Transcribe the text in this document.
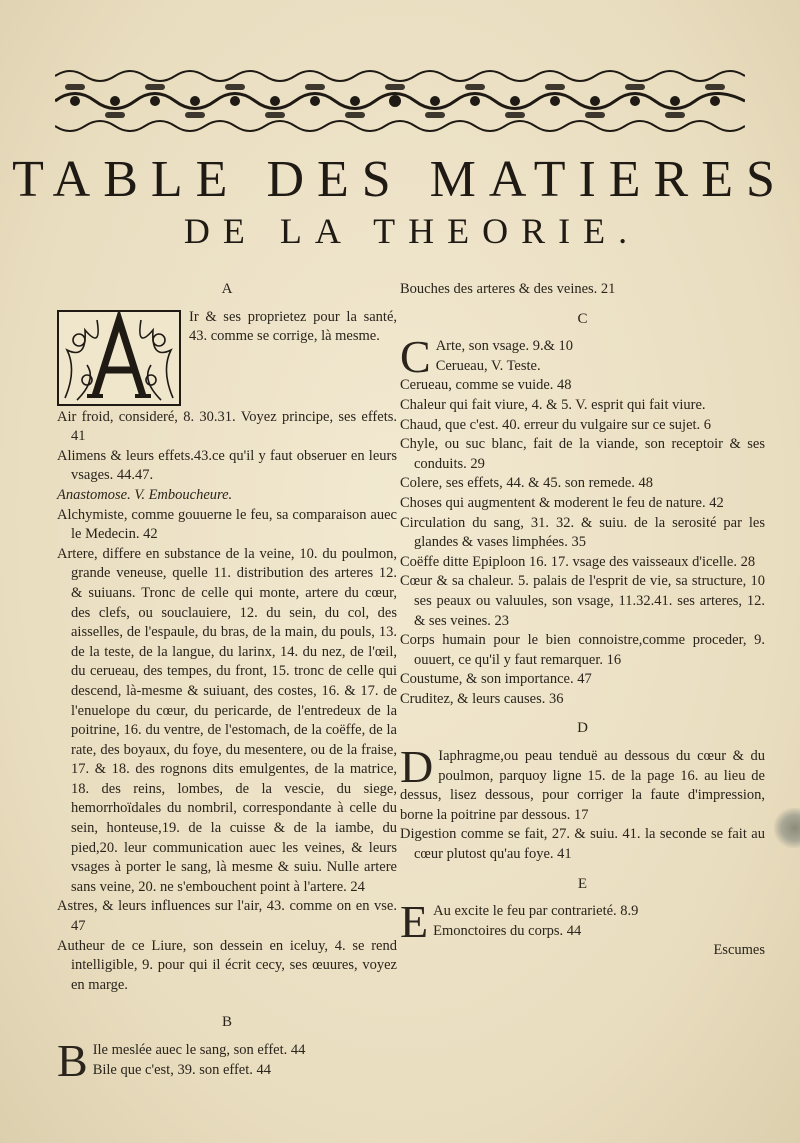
TABLE DES MATIERES
DE LA THEORIE.
A

Ir & ses proprietez pour la santé, 43. comme se corrige, là mesme.

Air froid, consideré, 8. 30.31. Voyez principe, ses effets. 41

Alimens & leurs effets.43.ce qu'il y faut obseruer en leurs vsages. 44.47.

Anastomose. V. Emboucheure.

Alchymiste, comme gouuerne le feu, sa comparaison auec le Medecin. 42

Artere, differe en substance de la veine, 10. du poulmon, grande veneuse, quelle 11. distribution des arteres 12. & suiuans. Tronc de celle qui monte, artere du cœur, des clefs, ou souclauiere, 12. du sein, du col, des aisselles, de l'espaule, du bras, de la main, du pouls, 13. de la teste, de la langue, du larinx, 14. du nez, de l'œil, du cerueau, des tempes, du front, 15. tronc de celle qui descend, là-mesme & suiuant, des costes, 16. & 17. de l'enuelope du cœur, du pericarde, de l'entredeux de la poitrine, 16. du ventre, de l'estomach, de la coëffe, de la rate, des boyaux, du foye, du mesentere, ou de la fraise, 17. & 18. des rognons dits emulgentes, de la matrice, 18. des reins, lombes, de la vescie, du siege, hemorrhoïdales du nombril, correspondante à celle du sein, honteuse,19. de la cuisse & de la iambe, du pied,20. leur communication auec les veines, & leurs vsages à porter le sang, là mesme & suiu. Nulle artere sans veine, 20. ne s'embouchent point à l'artere. 24

Astres, & leurs influences sur l'air, 43. comme on en vse. 47

Autheur de ce Liure, son dessein en iceluy, 4. se rend intelligible, 9. pour qui il écrit cecy, ses œuures, voyez en marge.

B
B Ile meslée auec le sang, son effet. 44

Bile que c'est, 39. son effet. 44

Bouches des arteres & des veines. 21

C
C Arte, son vsage. 9.& 10

Cerueau, V. Teste.

Cerueau, comme se vuide. 48

Chaleur qui fait viure, 4. & 5. V. esprit qui fait viure.

Chaud, que c'est. 40. erreur du vulgaire sur ce sujet. 6

Chyle, ou suc blanc, fait de la viande, son receptoir & ses conduits. 29

Colere, ses effets, 44. & 45. son remede. 48

Choses qui augmentent & moderent le feu de nature. 42

Circulation du sang, 31. 32. & suiu. de la serosité par les glandes & vases limphées. 35

Coëffe ditte Epiploon 16. 17. vsage des vaisseaux d'icelle. 28

Cœur & sa chaleur. 5. palais de l'esprit de vie, sa structure, 10 ses peaux ou valuules, son vsage, 11.32.41. ses arteres, 12. & ses veines. 23

Corps humain pour le bien connoistre,comme proceder, 9. ouuert, ce qu'il y faut remarquer. 16

Coustume, & son importance. 47

Cruditez, & leurs causes. 36

D
D Iaphragme,ou peau tenduë au dessous du cœur & du poulmon, parquoy ligne 15. de la page 16. au lieu de dessus, lisez dessous, pour corriger la faute d'impression, borne la poitrine par dessous. 17

Digestion comme se fait, 27. & suiu. 41. la seconde se fait au cœur plutost qu'au foye. 41

E
E Au excite le feu par contrarieté. 8.9

Emonctoires du corps. 44

Escumes
